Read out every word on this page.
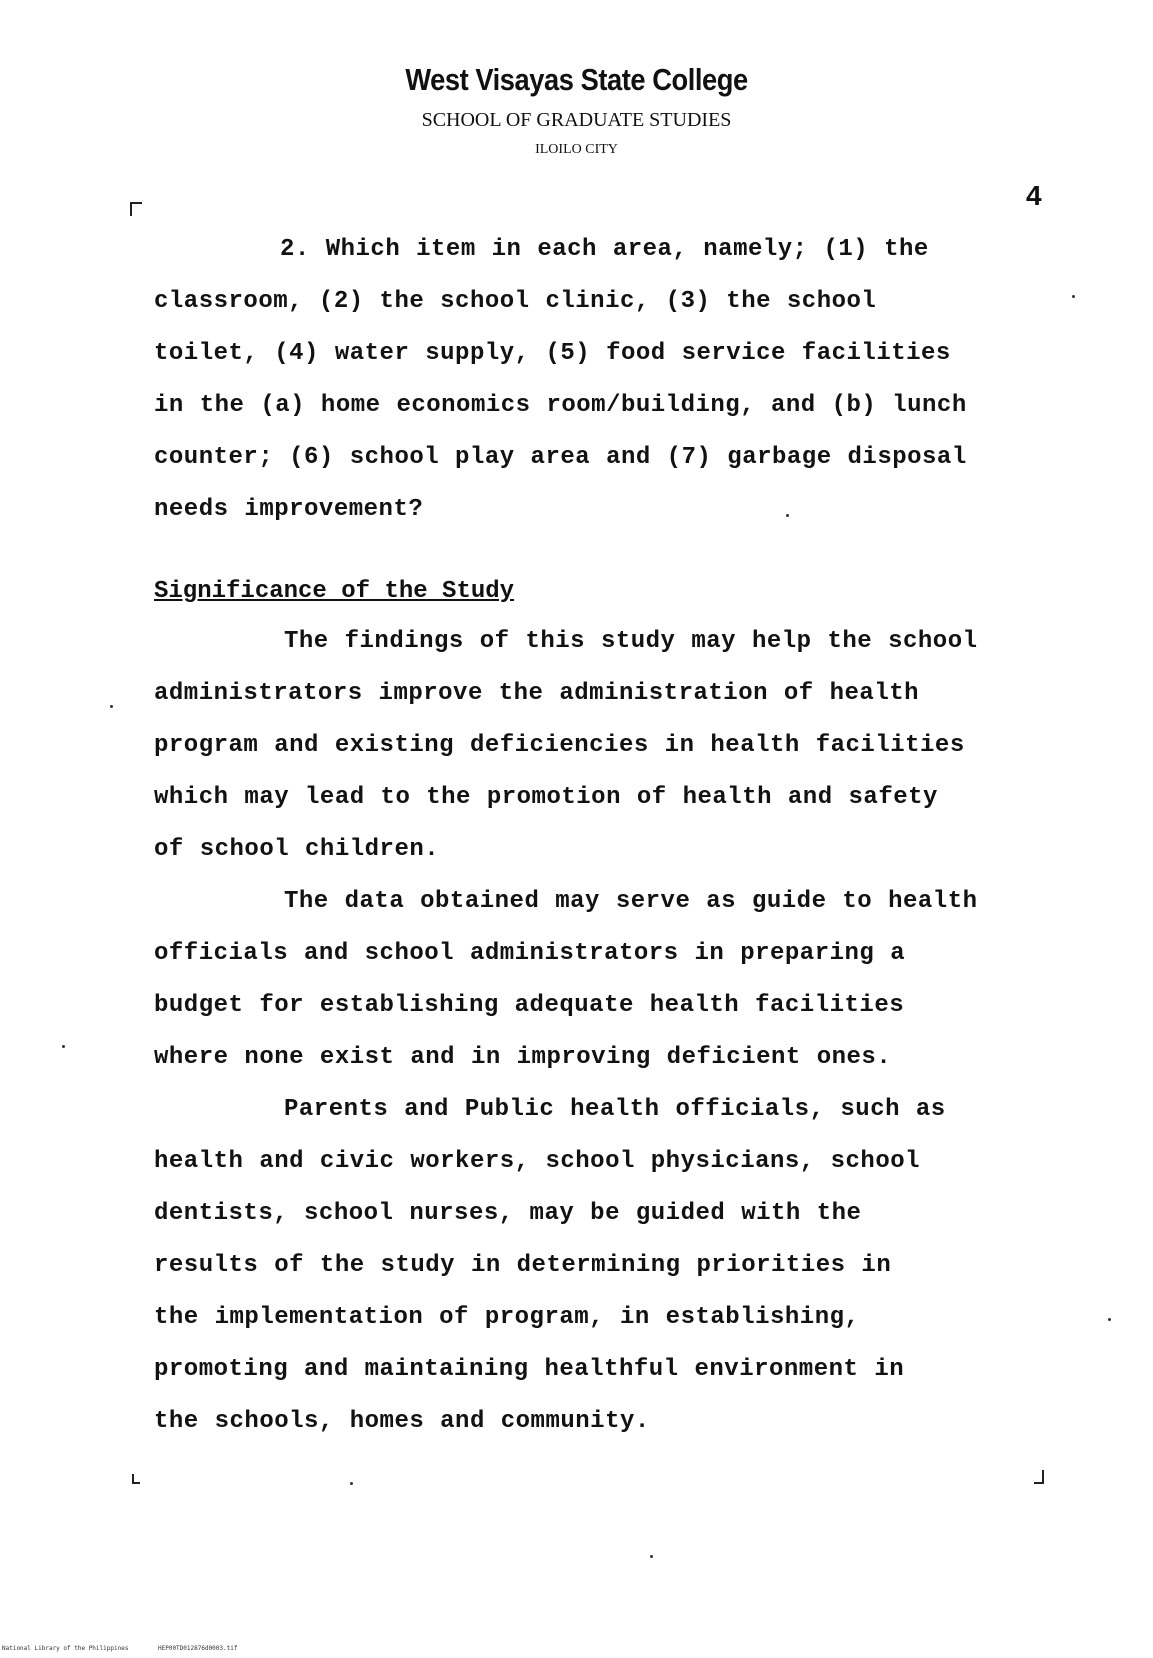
West Visayas State College
SCHOOL OF GRADUATE STUDIES
ILOILO CITY
4
2. Which item in each area, namely; (1) the
classroom, (2) the school clinic, (3) the school
toilet, (4) water supply, (5) food service facilities
in the (a) home economics room/building, and (b) lunch
counter; (6) school play area and (7) garbage disposal
needs improvement?
Significance of the Study
The findings of this study may help the school
administrators improve the administration of health
program and existing deficiencies in health facilities
which may lead to the promotion of health and safety
of school children.
The data obtained may serve as guide to health
officials and school administrators in preparing a
budget for establishing adequate health facilities
where none exist and in improving deficient ones.
Parents and Public health officials, such as
health and civic workers, school physicians, school
dentists, school nurses, may be guided with the
results of the study in determining priorities in
the implementation of program, in establishing,
promoting and maintaining healthful environment in
the schools, homes and community.
National Library of the Philippines	HEP00TD012876d0003.tif
